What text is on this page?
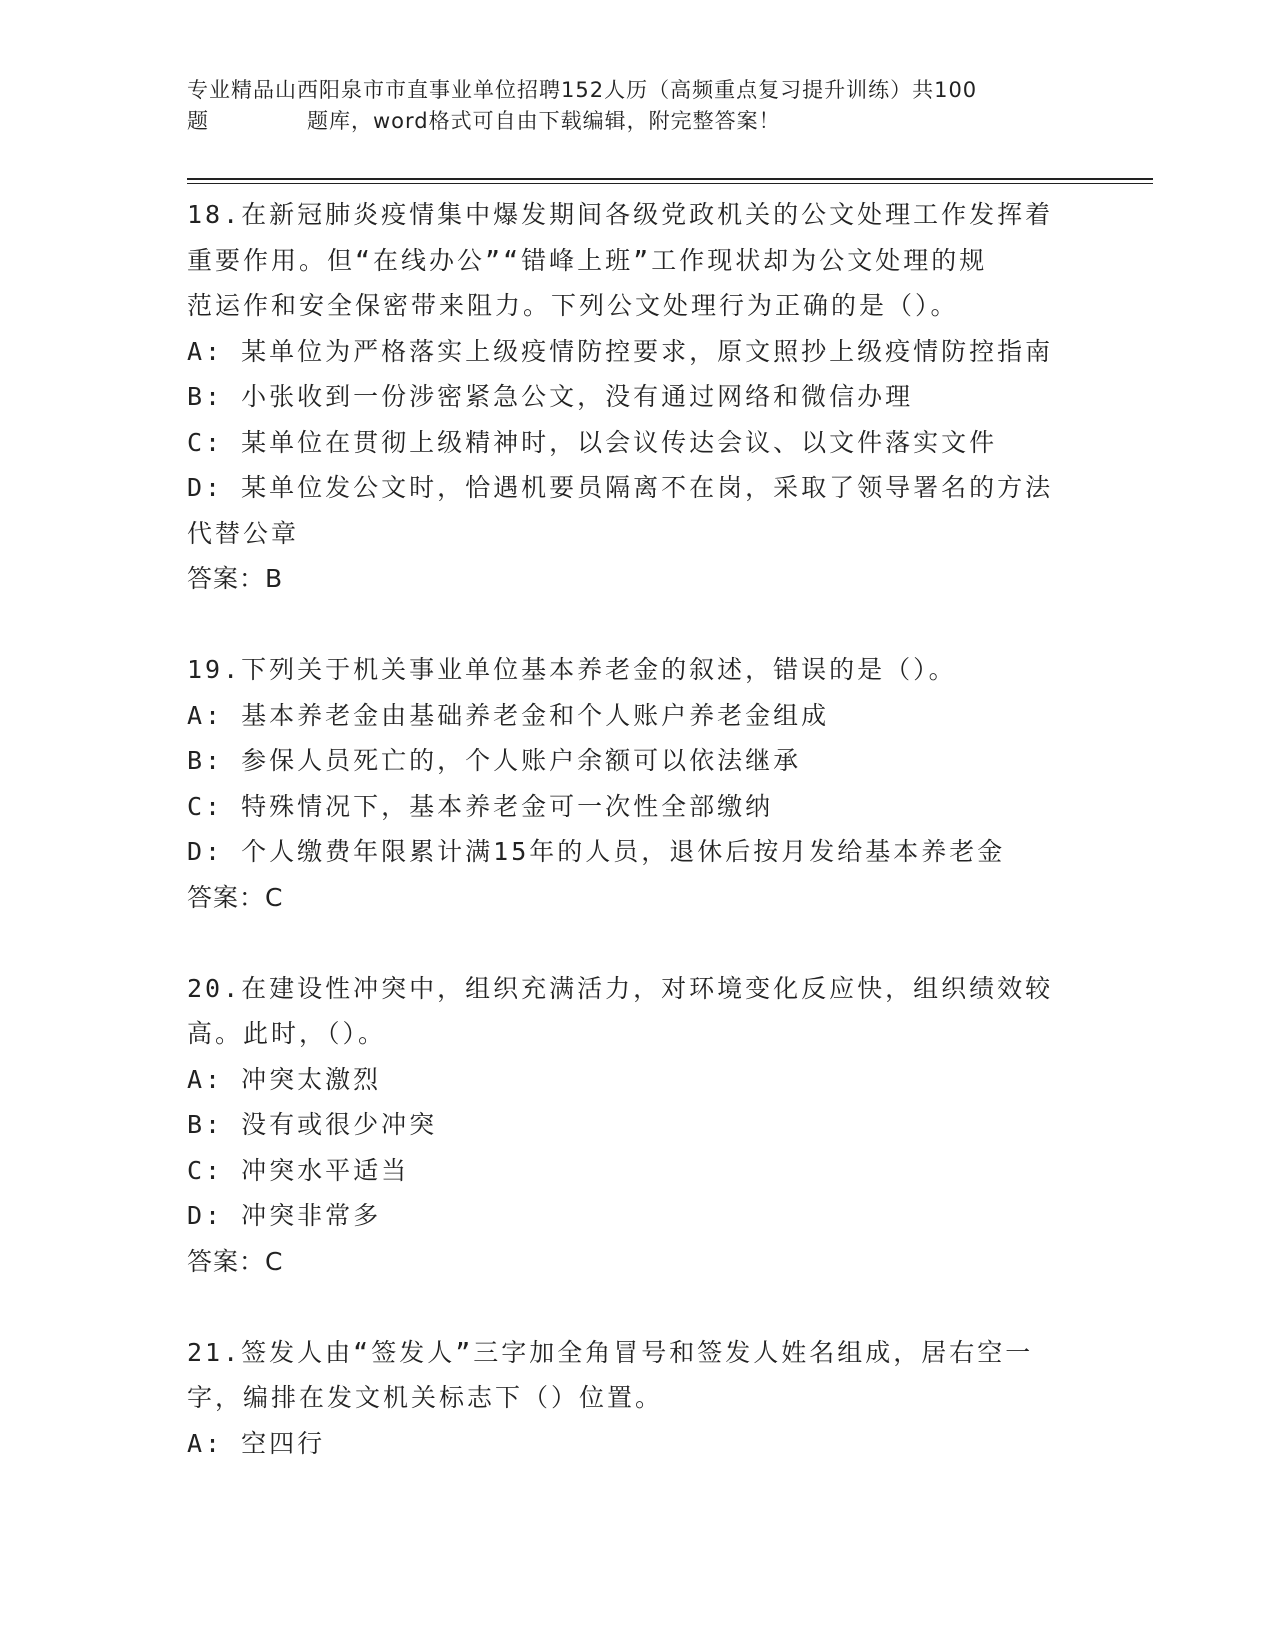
专业精品山西阳泉市市直事业单位招聘152人历（高频重点复习提升训练）共100
题	题库，word格式可自由下载编辑，附完整答案！
18.在新冠肺炎疫情集中爆发期间各级党政机关的公文处理工作发挥着
重要作用。但“在线办公”“错峰上班”工作现状却为公文处理的规
范运作和安全保密带来阻力。下列公文处理行为正确的是（）。
A: 某单位为严格落实上级疫情防控要求，原文照抄上级疫情防控指南
B: 小张收到一份涉密紧急公文，没有通过网络和微信办理
C: 某单位在贯彻上级精神时，以会议传达会议、以文件落实文件
D: 某单位发公文时，恰遇机要员隔离不在岗，采取了领导署名的方法
代替公章
答案：B
19.下列关于机关事业单位基本养老金的叙述，错误的是（）。
A: 基本养老金由基础养老金和个人账户养老金组成
B: 参保人员死亡的，个人账户余额可以依法继承
C: 特殊情况下，基本养老金可一次性全部缴纳
D: 个人缴费年限累计满15年的人员，退休后按月发给基本养老金
答案：C
20.在建设性冲突中，组织充满活力，对环境变化反应快，组织绩效较
高。此时，（）。
A: 冲突太激烈
B: 没有或很少冲突
C: 冲突水平适当
D: 冲突非常多
答案：C
21.签发人由“签发人”三字加全角冒号和签发人姓名组成，居右空一
字，编排在发文机关标志下（）位置。
A: 空四行
